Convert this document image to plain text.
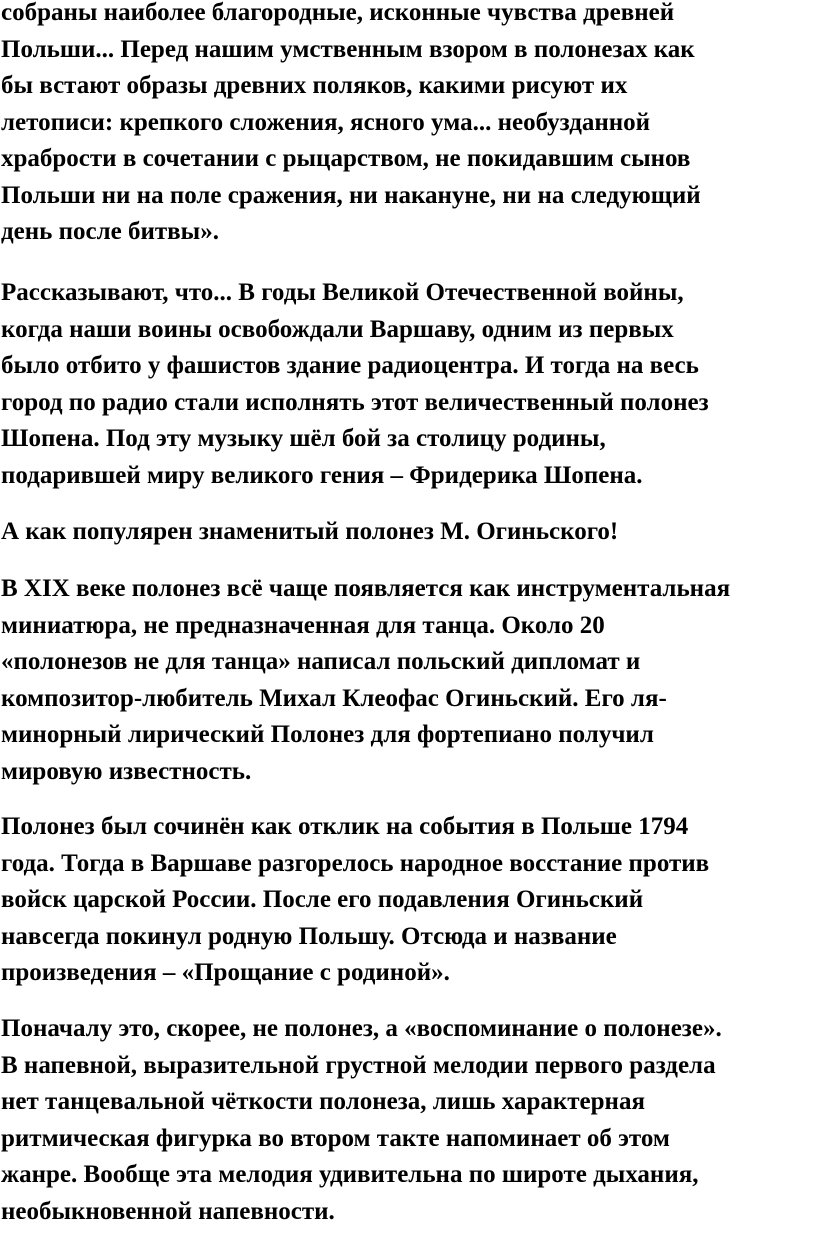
собраны наиболее благородные, исконные чувства древней
Польши... Перед нашим умственным взором в полонезах как
бы встают образы древних поляков, какими рисуют их
летописи: крепкого сложения, ясного ума... необузданной
храбрости в сочетании с рыцарством, не покидавшим сынов
Польши ни на поле сражения, ни накануне, ни на следующий
день после битвы».

Рассказывают, что... В годы Великой Отечественной войны,
когда наши воины освобождали Варшаву, одним из первых
было отбито у фашистов здание радиоцентра. И тогда на весь
город по радио стали исполнять этот величественный полонез
Шопена. Под эту музыку шёл бой за столицу родины,
подарившей миру великого гения – Фридерика Шопена.

А как популярен знаменитый полонез М. Огиньского!

В XIX веке полонез всё чаще появляется как инструментальная
миниатюра, не предназначенная для танца. Около 20
«полонезов не для танца» написал польский дипломат и
композитор-любитель Михал Клеофас Огиньский. Его ля-
минорный лирический Полонез для фортепиано получил
мировую известность.

Полонез был сочинён как отклик на события в Польше 1794
года. Тогда в Варшаве разгорелось народное восстание против
войск царской России. После его подавления Огиньский
навсегда покинул родную Польшу. Отсюда и название
произведения – «Прощание с родиной».

Поначалу это, скорее, не полонез, а «воспоминание о полонезе».
В напевной, выразительной грустной мелодии первого раздела
нет танцевальной чёткости полонеза, лишь характерная
ритмическая фигурка во втором такте напоминает об этом
жанре. Вообще эта мелодия удивительна по широте дыхания,
необыкновенной напевности.
